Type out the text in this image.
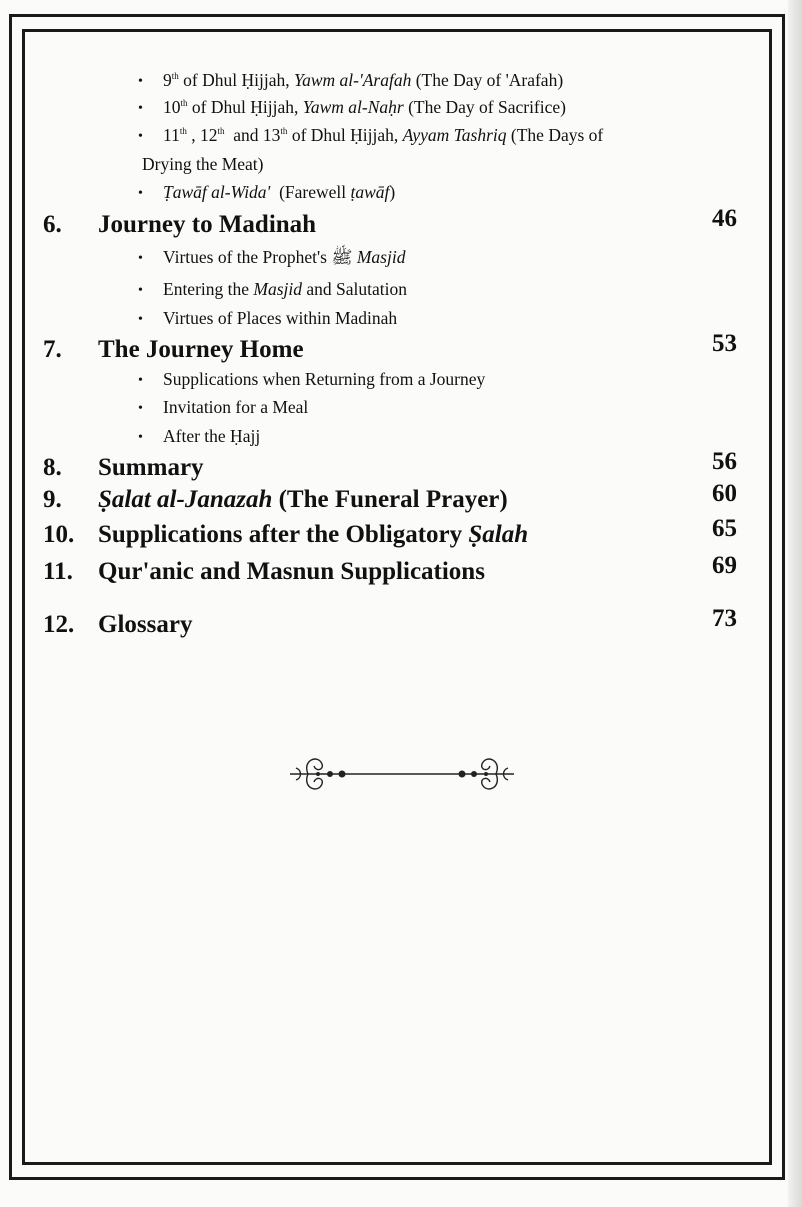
• 9th of Dhul Ḥijjah, Yawm al-'Arafah (The Day of 'Arafah)
• 10th of Dhul Ḥijjah, Yawm al-Naḥr (The Day of Sacrifice)
• 11th , 12th  and 13th of Dhul Ḥijjah, Ayyam Tashriq (The Days of
Drying the Meat)
• Ṭawāf al-Wida'  (Farewell ṭawāf)
6. Journey to Madinah	46
• Virtues of the Prophet's ﷺ Masjid
• Entering the Masjid and Salutation
• Virtues of Places within Madinah
7. The Journey Home	53
• Supplications when Returning from a Journey
• Invitation for a Meal
• After the Ḥajj
8. Summary	56
9. Ṣalat al-Janazah (The Funeral Prayer)	60
10. Supplications after the Obligatory Ṣalah	65
11. Qur'anic and Masnun Supplications	69
12. Glossary	73
